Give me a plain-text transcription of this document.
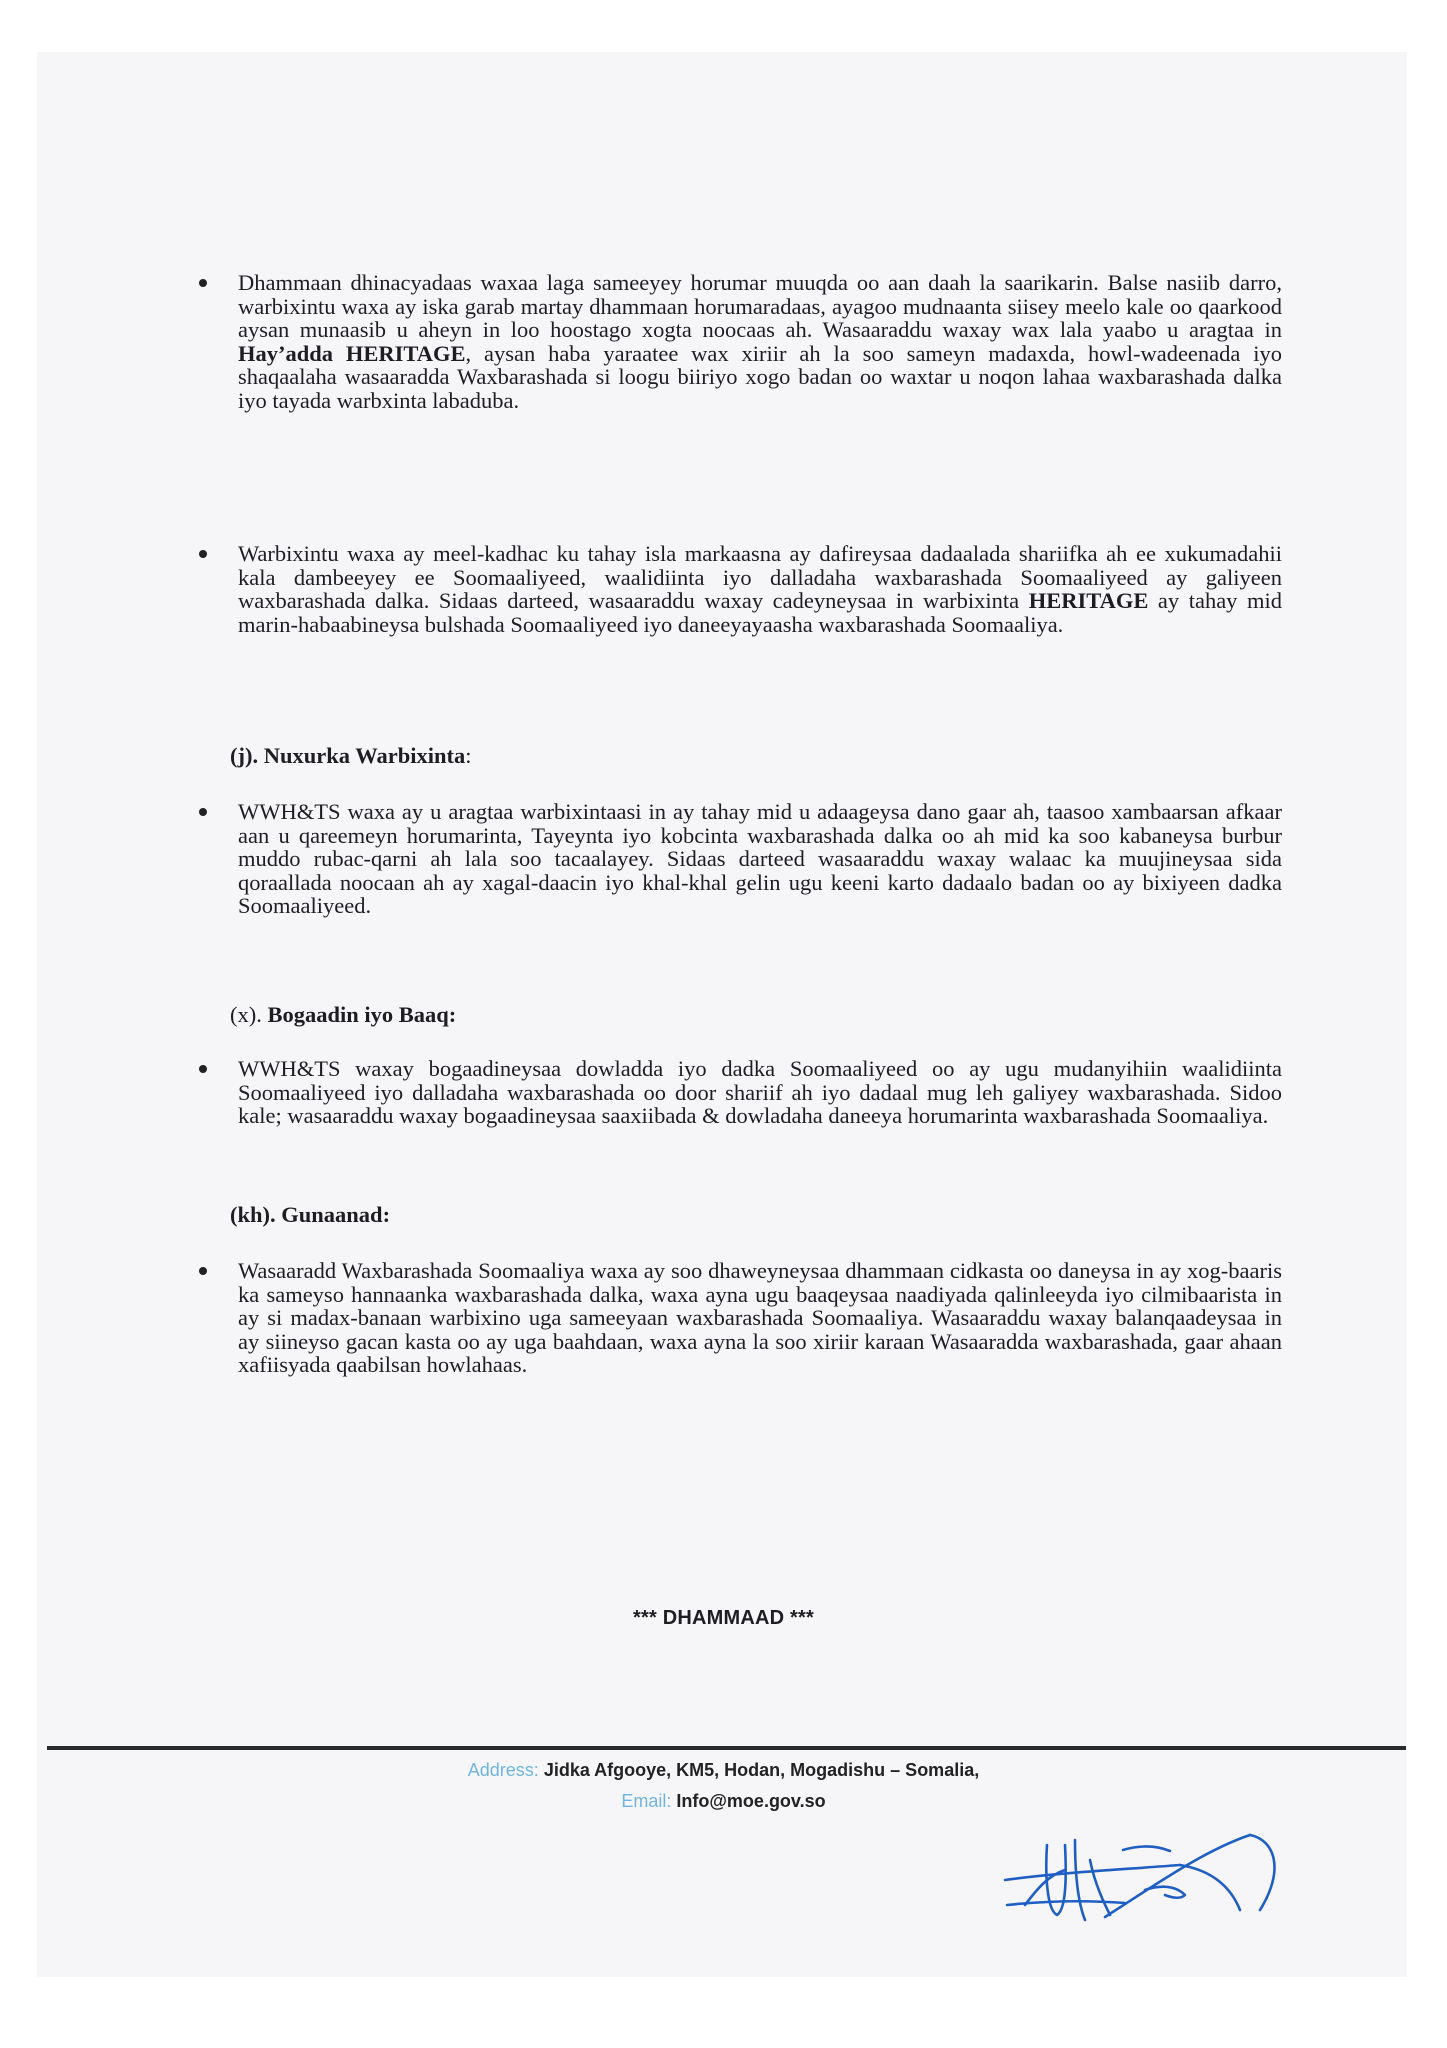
Dhammaan dhinacyadaas waxaa laga sameeyey horumar muuqda oo aan daah la saarikarin. Balse nasiib darro, warbixintu waxa ay iska garab martay dhammaan horumaradaas, ayagoo mudnaanta siisey meelo kale oo qaarkood aysan munaasib u aheyn in loo hoostago xogta noocaas ah. Wasaaraddu waxay wax lala yaabo u aragtaa in Hay’adda HERITAGE, aysan haba yaraatee wax xiriir ah la soo sameyn madaxda, howl-wadeenada iyo shaqaalaha wasaaradda Waxbarashada si loogu biiriyo xogo badan oo waxtar u noqon lahaa waxbarashada dalka iyo tayada warbxinta labaduba.

Warbixintu waxa ay meel-kadhac ku tahay isla markaasna ay dafireysaa dadaalada shariifka ah ee xukumadahii kala dambeeyey ee Soomaaliyeed, waalidiinta iyo dalladaha waxbarashada Soomaaliyeed ay galiyeen waxbarashada dalka. Sidaas darteed, wasaaraddu waxay cadeyneysaa in warbixinta HERITAGE ay tahay mid marin-habaabineysa bulshada Soomaaliyeed iyo daneeyayaasha waxbarashada Soomaaliya.

(j). Nuxurka Warbixinta:

WWH&TS waxa ay u aragtaa warbixintaasi in ay tahay mid u adaageysa dano gaar ah, taasoo xambaarsan afkaar aan u qareemeyn horumarinta, Tayeynta iyo kobcinta waxbarashada dalka oo ah mid ka soo kabaneysa burbur muddo rubac-qarni ah lala soo tacaalayey. Sidaas darteed wasaaraddu waxay walaac ka muujineysaa sida qoraallada noocaan ah ay xagal-daacin iyo khal-khal gelin ugu keeni karto dadaalo badan oo ay bixiyeen dadka Soomaaliyeed.

(x). Bogaadin iyo Baaq:

WWH&TS waxay bogaadineysaa dowladda iyo dadka Soomaaliyeed oo ay ugu mudanyihiin waalidiinta Soomaaliyeed iyo dalladaha waxbarashada oo door shariif ah iyo dadaal mug leh galiyey waxbarashada. Sidoo kale; wasaaraddu waxay bogaadineysaa saaxiibada & dowladaha daneeya horumarinta waxbarashada Soomaaliya.

(kh). Gunaanad:

Wasaaradd Waxbarashada Soomaaliya waxa ay soo dhaweyneysaa dhammaan cidkasta oo daneysa in ay xog-baaris ka sameyso hannaanka waxbarashada dalka, waxa ayna ugu baaqeysaa naadiyada qalinleeyda iyo cilmibaarista in ay si madax-banaan warbixino uga sameeyaan waxbarashada Soomaaliya. Wasaaraddu waxay balanqaadeysaa in ay siineyso gacan kasta oo ay uga baahdaan, waxa ayna la soo xiriir karaan Wasaaradda waxbarashada, gaar ahaan xafiisyada qaabilsan howlahaas.

*** DHAMMAAD ***
Address: Jidka Afgooye, KM5, Hodan, Mogadishu – Somalia,
Email: Info@moe.gov.so
